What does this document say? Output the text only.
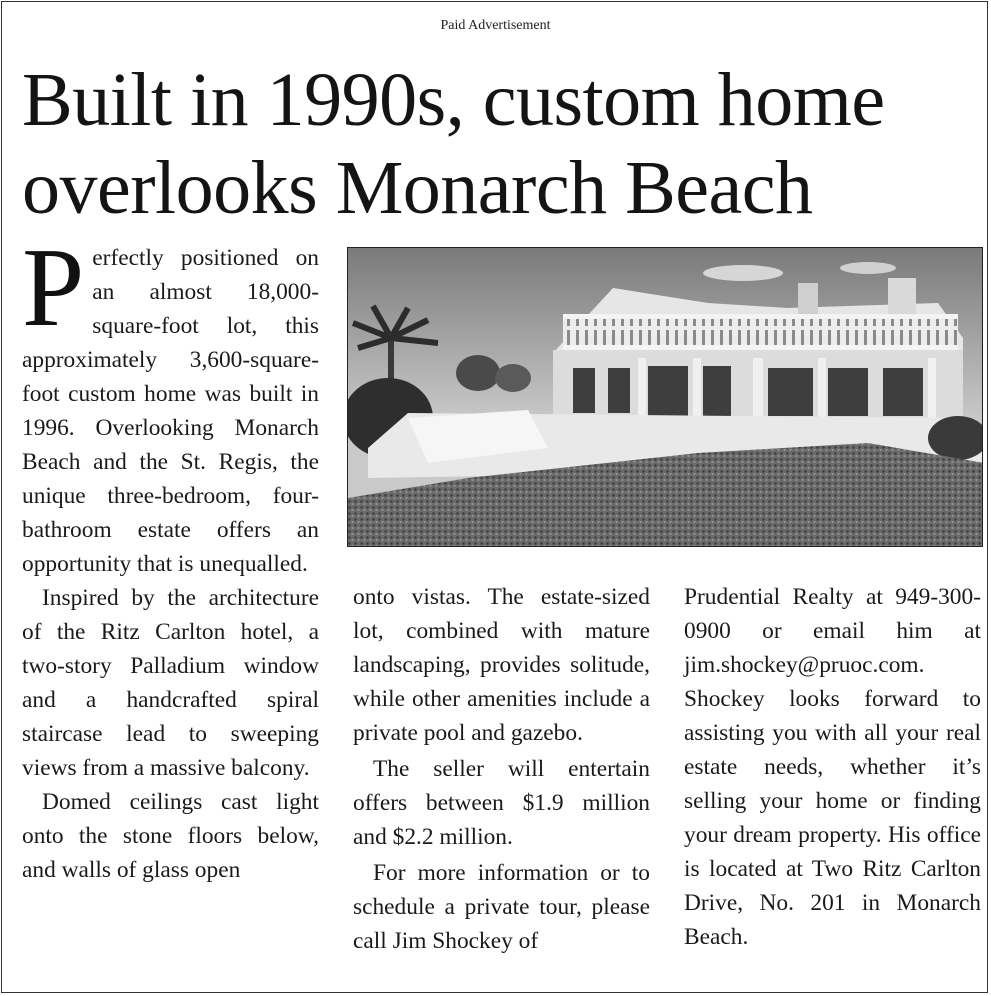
Paid Advertisement
Built in 1990s, custom home overlooks Monarch Beach

Perfectly positioned on an almost 18,000-square-foot lot, this approximately 3,600-square-foot custom home was built in 1996. Overlooking Monarch Beach and the St. Regis, the unique three-bedroom, four-bathroom estate offers an opportunity that is unequalled.

Inspired by the architecture of the Ritz Carlton hotel, a two-story Palladium window and a handcrafted spiral staircase lead to sweeping views from a massive balcony.

Domed ceilings cast light onto the stone floors below, and walls of glass open

onto vistas. The estate-sized lot, combined with mature landscaping, provides solitude, while other amenities include a private pool and gazebo.

The seller will entertain offers between $1.9 million and $2.2 million.

For more information or to schedule a private tour, please call Jim Shockey of

Prudential Realty at 949-300-0900 or email him at jim.shockey@pruoc.com. Shockey looks forward to assisting you with all your real estate needs, whether it’s selling your home or finding your dream property. His office is located at Two Ritz Carlton Drive, No. 201 in Monarch Beach.
